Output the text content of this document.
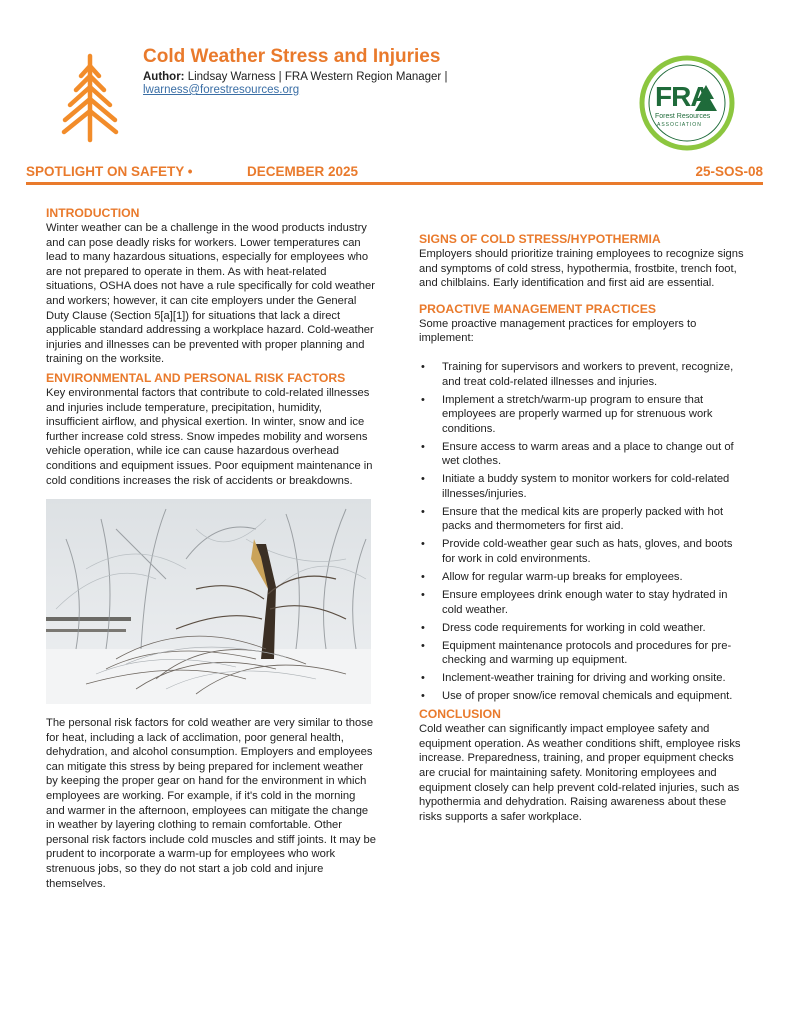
Cold Weather Stress and Injuries
Author: Lindsay Warness | FRA Western Region Manager |
lwarness@forestresources.org	FRA
Forest Resources
ASSOCIATION
SPOTLIGHT ON SAFETY •	DECEMBER 2025	25-SOS-08
INTRODUCTION

Winter weather can be a challenge in the wood products industry and can pose deadly risks for workers. Lower temperatures can lead to many hazardous situations, especially for employees who are not prepared to operate in them. As with heat-related situations, OSHA does not have a rule specifically for cold weather and workers; however, it can cite employers under the General Duty Clause (Section 5[a][1]) for situations that lack a direct applicable standard addressing a workplace hazard. Cold-weather injuries and illnesses can be prevented with proper planning and training on the worksite.

ENVIRONMENTAL AND PERSONAL RISK FACTORS

Key environmental factors that contribute to cold-related illnesses and injuries include temperature, precipitation, humidity, insufficient airflow, and physical exertion. In winter, snow and ice further increase cold stress. Snow impedes mobility and worsens vehicle operation, while ice can cause hazardous overhead conditions and equipment issues. Poor equipment maintenance in cold conditions increases the risk of accidents or breakdowns.

The personal risk factors for cold weather are very similar to those for heat, including a lack of acclimation, poor general health, dehydration, and alcohol consumption. Employers and employees can mitigate this stress by being prepared for inclement weather by keeping the proper gear on hand for the environment in which employees are working. For example, if it's cold in the morning and warmer in the afternoon, employees can mitigate the change in weather by layering clothing to remain comfortable. Other personal risk factors include cold muscles and stiff joints. It may be prudent to incorporate a warm-up for employees who work strenuous jobs, so they do not start a job cold and injure themselves.

SIGNS OF COLD STRESS/HYPOTHERMIA

Employers should prioritize training employees to recognize signs and symptoms of cold stress, hypothermia, frostbite, trench foot, and chilblains. Early identification and first aid are essential.

PROACTIVE MANAGEMENT PRACTICES

Some proactive management practices for employers to implement:

• Training for supervisors and workers to prevent, recognize, and treat cold-related illnesses and injuries.
• Implement a stretch/warm-up program to ensure that employees are properly warmed up for strenuous work conditions.
• Ensure access to warm areas and a place to change out of wet clothes.
• Initiate a buddy system to monitor workers for cold-related illnesses/injuries.
• Ensure that the medical kits are properly packed with hot packs and thermometers for first aid.
• Provide cold-weather gear such as hats, gloves, and boots for work in cold environments.
• Allow for regular warm-up breaks for employees.
• Ensure employees drink enough water to stay hydrated in cold weather.
• Dress code requirements for working in cold weather.
• Equipment maintenance protocols and procedures for pre-checking and warming up equipment.
• Inclement-weather training for driving and working onsite.
• Use of proper snow/ice removal chemicals and equipment.
CONCLUSION

Cold weather can significantly impact employee safety and equipment operation. As weather conditions shift, employee risks increase. Preparedness, training, and proper equipment checks are crucial for maintaining safety. Monitoring employees and equipment closely can help prevent cold-related injuries, such as hypothermia and dehydration. Raising awareness about these risks supports a safer workplace.
